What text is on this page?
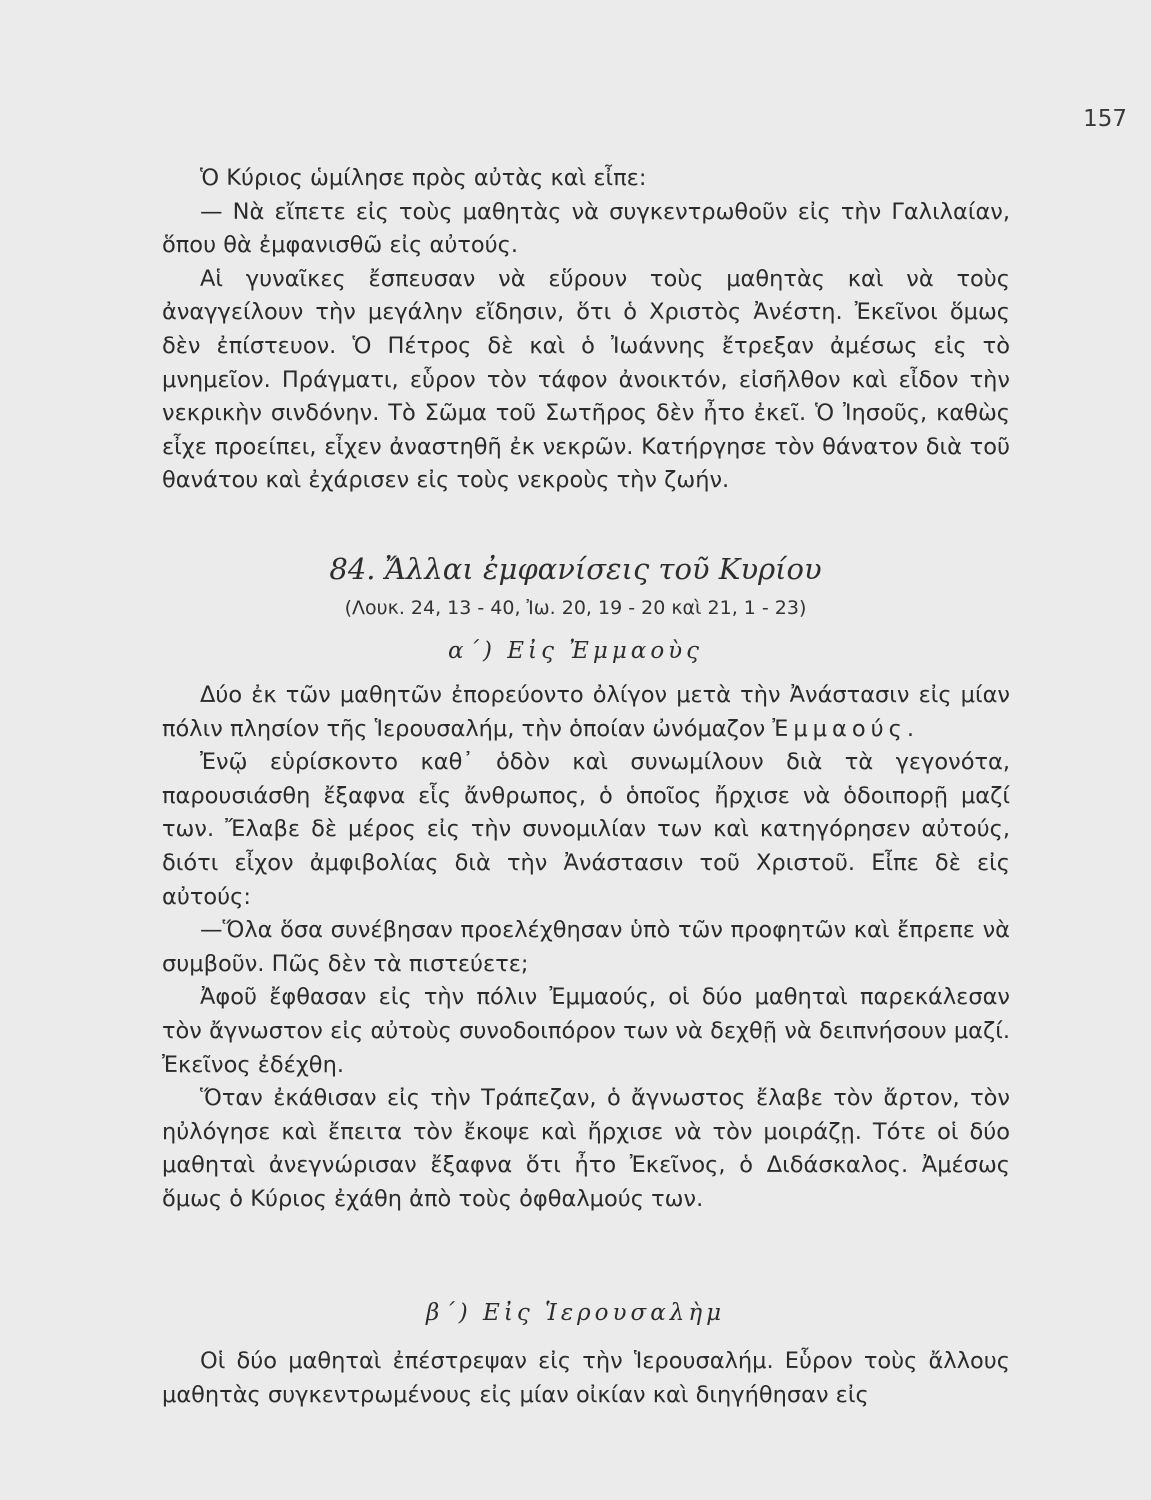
157

Ὁ Κύριος ὡμίλησε πρὸς αὐτὰς καὶ εἶπε:

— Νὰ εἴπετε εἰς τοὺς μαθητὰς νὰ συγκεντρωθοῦν εἰς τὴν Γαλιλαίαν, ὅπου θὰ ἐμφανισθῶ εἰς αὐτούς.

Αἱ γυναῖκες ἔσπευσαν νὰ εὕρουν τοὺς μαθητὰς καὶ νὰ τοὺς ἀναγγείλουν τὴν μεγάλην εἴδησιν, ὅτι ὁ Χριστὸς Ἀνέστη. Ἐκεῖνοι ὅμως δὲν ἐπίστευον. Ὁ Πέτρος δὲ καὶ ὁ Ἰωάννης ἔτρεξαν ἀμέσως εἰς τὸ μνημεῖον. Πράγματι, εὗρον τὸν τάφον ἀνοικτόν, εἰσῆλθον καὶ εἶδον τὴν νεκρικὴν σινδόνην. Τὸ Σῶμα τοῦ Σωτῆρος δὲν ἦτο ἐκεῖ. Ὁ Ἰησοῦς, καθὼς εἶχε προείπει, εἶχεν ἀναστηθῆ ἐκ νεκρῶν. Κατήργησε τὸν θάνατον διὰ τοῦ θανάτου καὶ ἐχάρισεν εἰς τοὺς νεκροὺς τὴν ζωήν.

84. Ἄλλαι ἐμφανίσεις τοῦ Κυρίου
(Λουκ. 24, 13 - 40, Ἰω. 20, 19 - 20 καὶ 21, 1 - 23)
α΄) Εἰς Ἐμμαοὺς

Δύο ἐκ τῶν μαθητῶν ἐπορεύοντο ὀλίγον μετὰ τὴν Ἀνάστασιν εἰς μίαν πόλιν πλησίον τῆς Ἱερουσαλήμ, τὴν ὁποίαν ὠνόμαζον Ἐμμαούς.

Ἐνῷ εὑρίσκοντο καθ᾽ ὁδὸν καὶ συνωμίλουν διὰ τὰ γεγονότα, παρουσιάσθη ἔξαφνα εἷς ἄνθρωπος, ὁ ὁποῖος ἤρχισε νὰ ὁδοιπορῇ μαζί των. Ἔλαβε δὲ μέρος εἰς τὴν συνομιλίαν των καὶ κατηγόρησεν αὐτούς, διότι εἶχον ἀμφιβολίας διὰ τὴν Ἀνάστασιν τοῦ Χριστοῦ. Εἶπε δὲ εἰς αὐτούς:

—Ὅλα ὅσα συνέβησαν προελέχθησαν ὑπὸ τῶν προφητῶν καὶ ἔπρεπε νὰ συμβοῦν. Πῶς δὲν τὰ πιστεύετε;

Ἀφοῦ ἔφθασαν εἰς τὴν πόλιν Ἐμμαούς, οἱ δύο μαθηταὶ παρεκάλεσαν τὸν ἄγνωστον εἰς αὐτοὺς συνοδοιπόρον των νὰ δεχθῇ νὰ δειπνήσουν μαζί. Ἐκεῖνος ἐδέχθη.

Ὅταν ἐκάθισαν εἰς τὴν Τράπεζαν, ὁ ἄγνωστος ἔλαβε τὸν ἄρτον, τὸν ηὐλόγησε καὶ ἔπειτα τὸν ἔκοψε καὶ ἤρχισε νὰ τὸν μοιράζῃ. Τότε οἱ δύο μαθηταὶ ἀνεγνώρισαν ἔξαφνα ὅτι ἦτο Ἐκεῖνος, ὁ Διδάσκαλος. Ἀμέσως ὅμως ὁ Κύριος ἐχάθη ἀπὸ τοὺς ὀφθαλμούς των.

β΄) Εἰς Ἱερουσαλὴμ

Οἱ δύο μαθηταὶ ἐπέστρεψαν εἰς τὴν Ἱερουσαλήμ. Εὗρον τοὺς ἄλλους μαθητὰς συγκεντρωμένους εἰς μίαν οἰκίαν καὶ διηγήθησαν εἰς
